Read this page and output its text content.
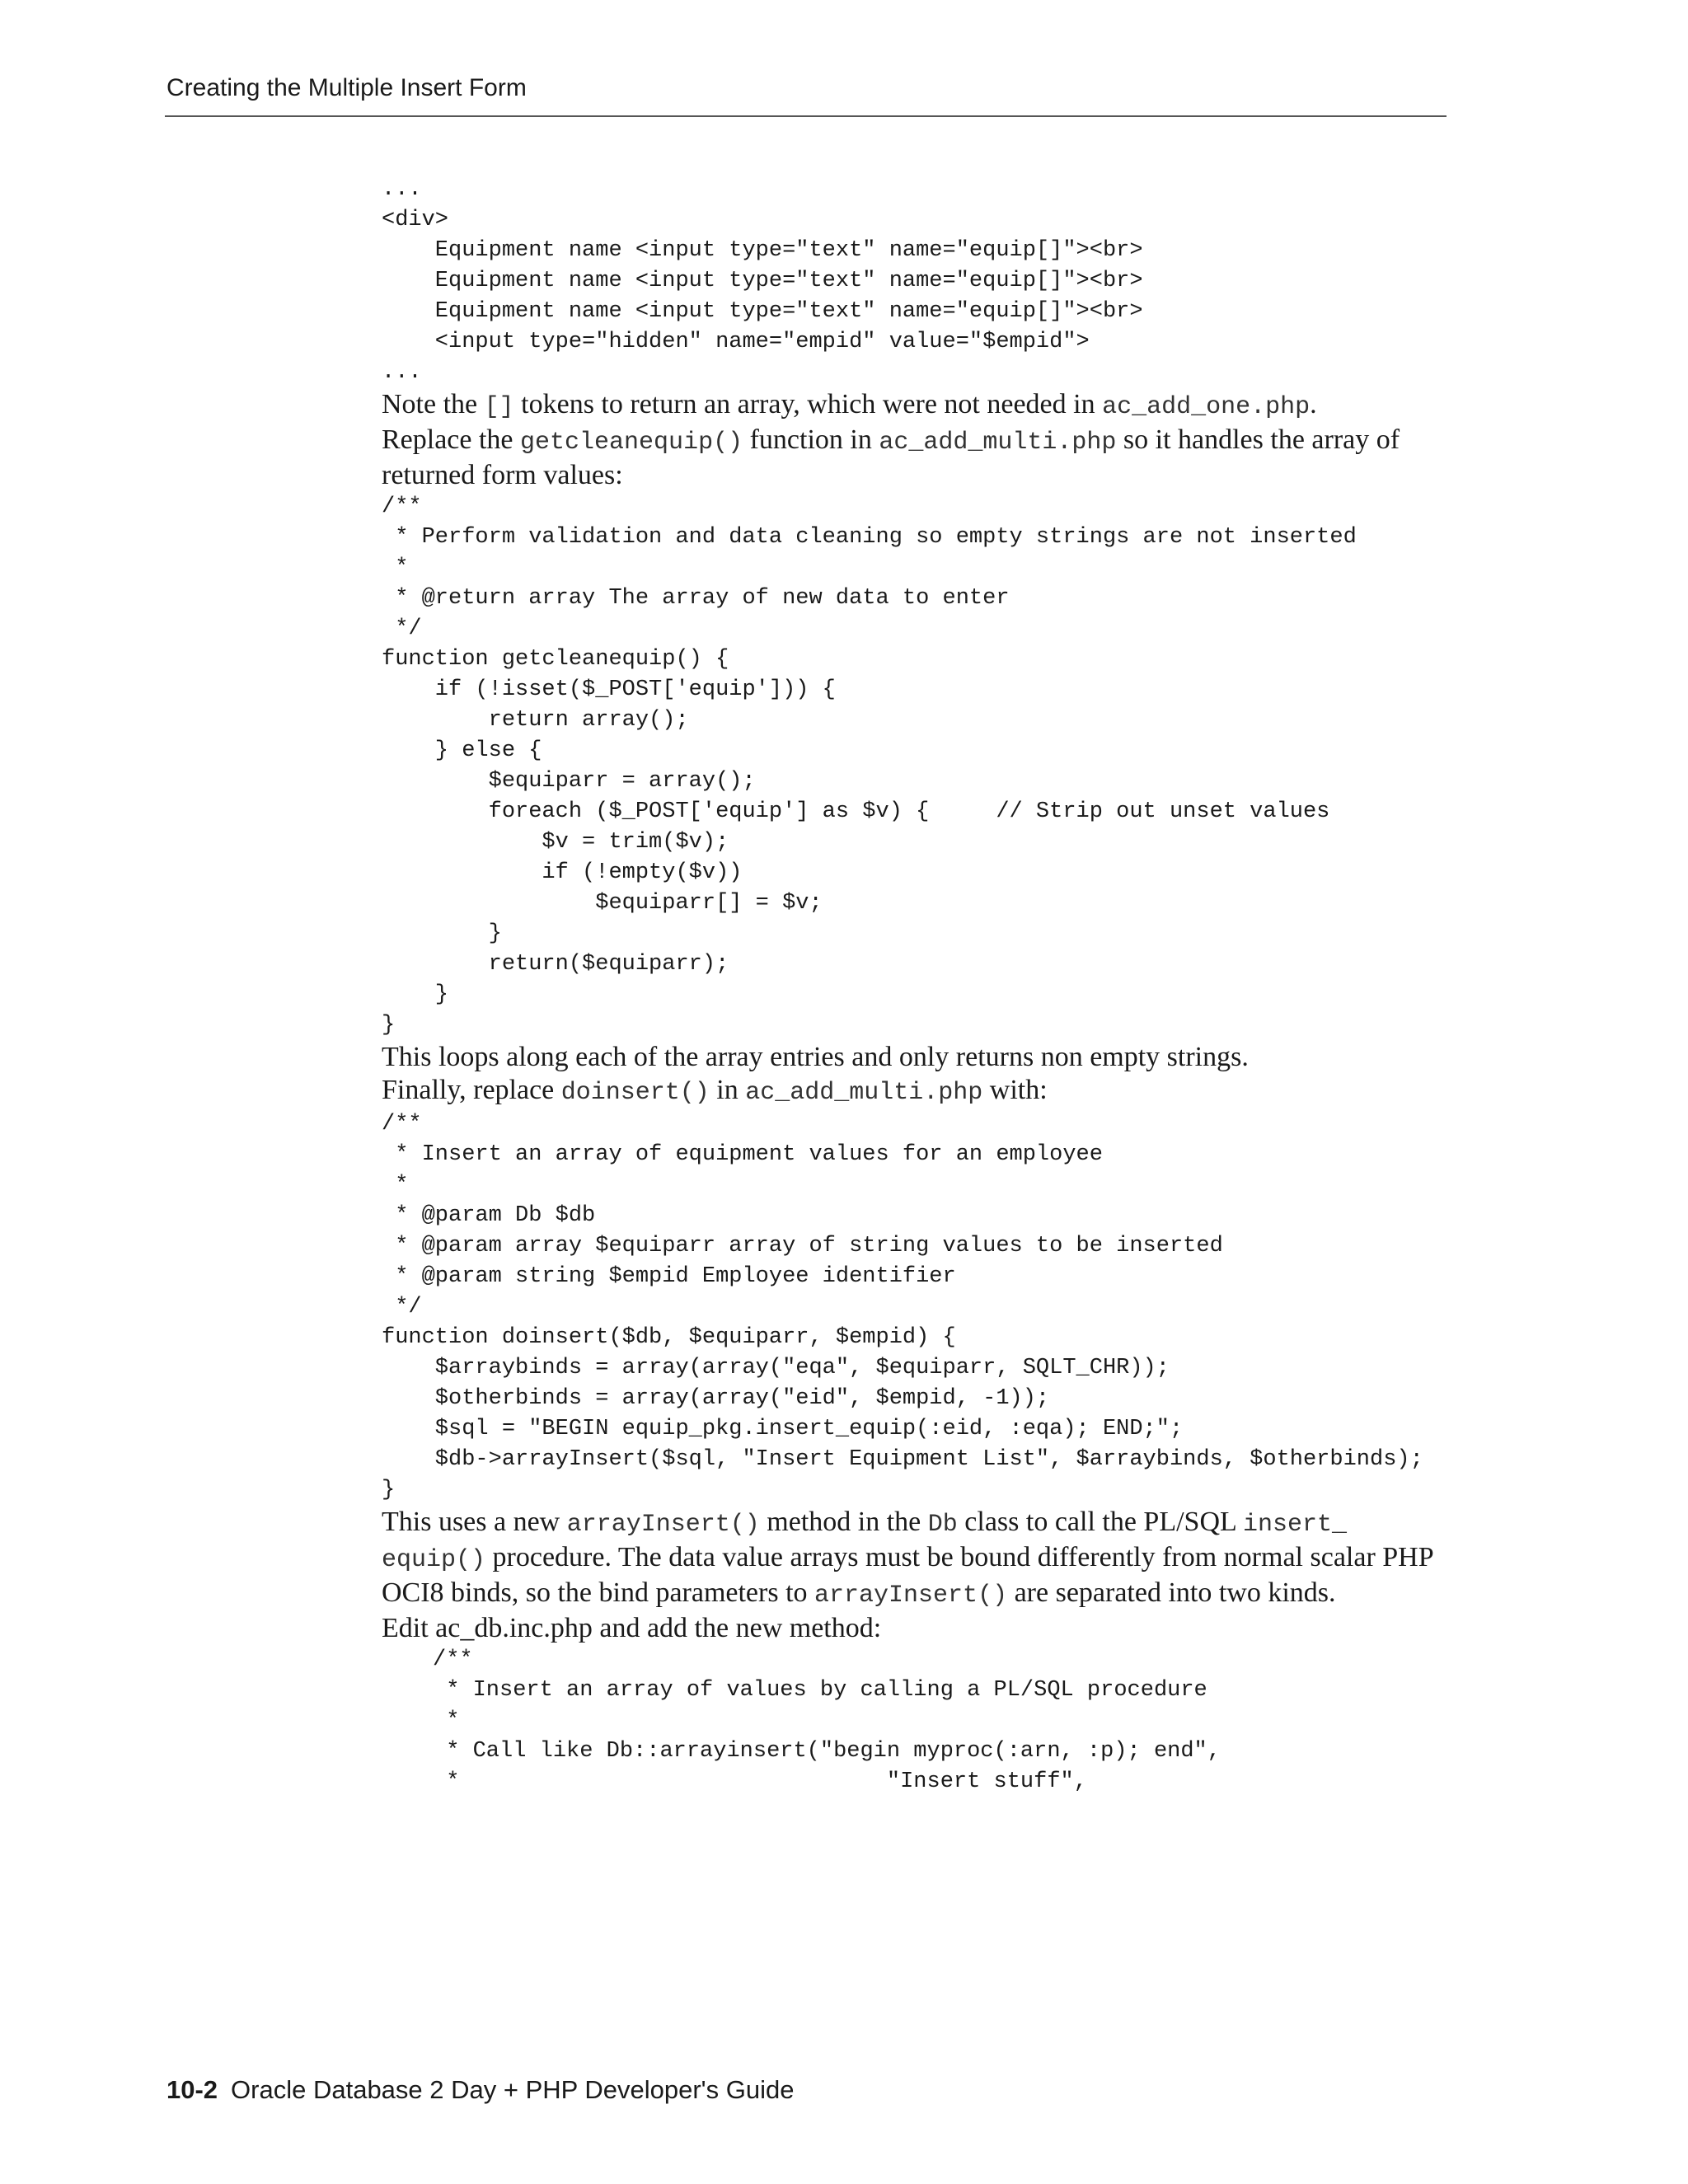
Creating the Multiple Insert Form
...
<div>
Equipment name <input type="text" name="equip[]"><br>
Equipment name <input type="text" name="equip[]"><br>
Equipment name <input type="text" name="equip[]"><br>
<input type="hidden" name="empid" value="$empid">
...

Note the [] tokens to return an array, which were not needed in ac_add_one.php.

Replace the getcleanequip() function in ac_add_multi.php so it handles the array of returned form values:

/**
* Perform validation and data cleaning so empty strings are not inserted
*
* @return array The array of new data to enter
*/
function getcleanequip() {
if (!isset($_POST['equip'])) {
return array();
} else {
$equiparr = array();
foreach ($_POST['equip'] as $v) {     // Strip out unset values
$v = trim($v);
if (!empty($v))
$equiparr[] = $v;
}
return($equiparr);
}
}

This loops along each of the array entries and only returns non empty strings.

Finally, replace doinsert() in ac_add_multi.php with:

/**
* Insert an array of equipment values for an employee
*
* @param Db $db
* @param array $equiparr array of string values to be inserted
* @param string $empid Employee identifier
*/
function doinsert($db, $equiparr, $empid) {
$arraybinds = array(array("eqa", $equiparr, SQLT_CHR));
$otherbinds = array(array("eid", $empid, -1));
$sql = "BEGIN equip_pkg.insert_equip(:eid, :eqa); END;";
$db->arrayInsert($sql, "Insert Equipment List", $arraybinds, $otherbinds);
}

This uses a new arrayInsert() method in the Db class to call the PL/SQL insert_ equip() procedure. The data value arrays must be bound differently from normal scalar PHP OCI8 binds, so the bind parameters to arrayInsert() are separated into two kinds.

Edit ac_db.inc.php and add the new method:

/**
* Insert an array of values by calling a PL/SQL procedure
*
* Call like Db::arrayinsert("begin myproc(:arn, :p); end",
*                                "Insert stuff",
10-2 Oracle Database 2 Day + PHP Developer's Guide
